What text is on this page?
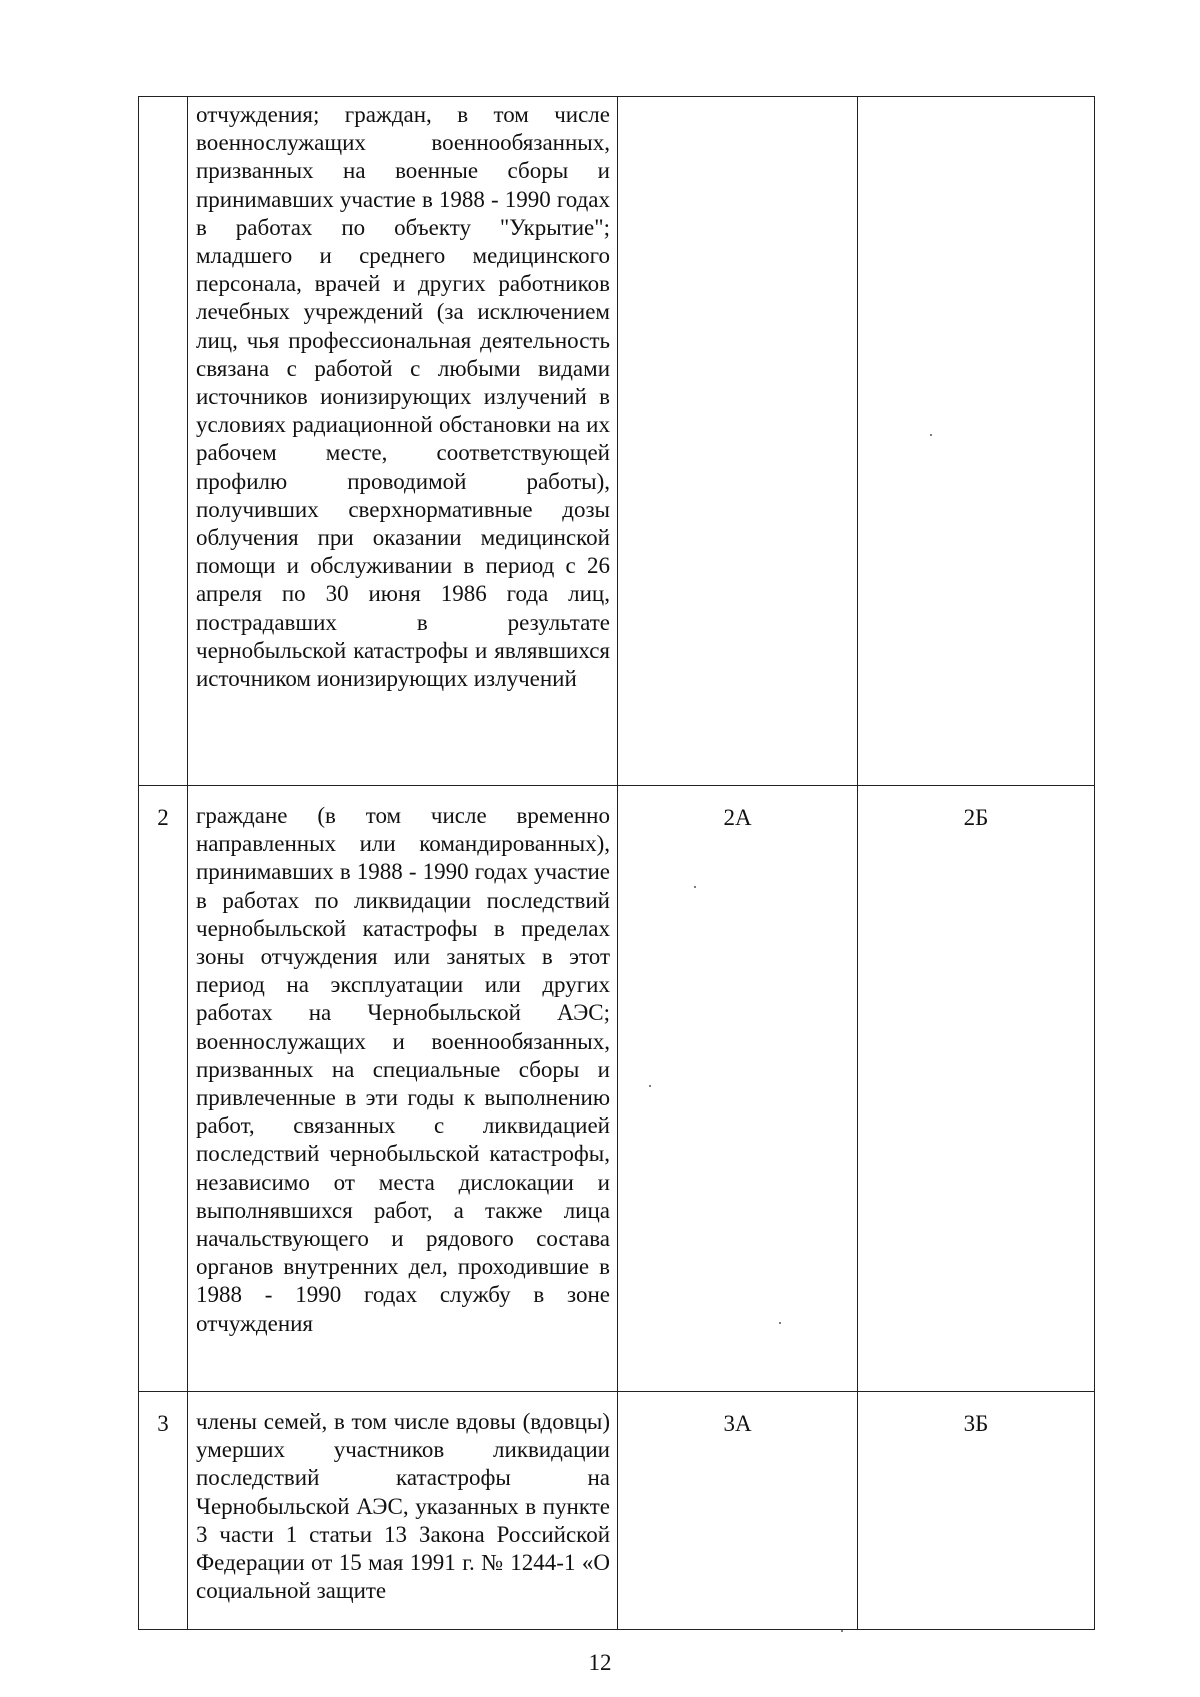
	отчуждения; граждан, в том числе военнослужащих военнообязанных, призванных на военные сборы и принимавших участие в 1988 - 1990 годах в работах по объекту "Укрытие"; младшего и среднего медицинского персонала, врачей и других работников лечебных учреждений (за исключением лиц, чья профессиональная деятельность связана с работой с любыми видами источников ионизирующих излучений в условиях радиационной обстановки на их рабочем месте, соответствующей профилю проводимой работы), получивших сверхнормативные дозы облучения при оказании медицинской помощи и обслуживании в период с 26 апреля по 30 июня 1986 года лиц, пострадавших в результате чернобыльской катастрофы и являвшихся источником ионизирующих излучений		

2	граждане (в том числе временно направленных или командированных), принимавших в 1988 - 1990 годах участие в работах по ликвидации последствий чернобыльской катастрофы в пределах зоны отчуждения или занятых в этот период на эксплуатации или других работах на Чернобыльской АЭС; военнослужащих и военнообязанных, призванных на специальные сборы и привлеченные в эти годы к выполнению работ, связанных с ликвидацией последствий чернобыльской катастрофы, независимо от места дислокации и выполнявшихся работ, а также лица начальствующего и рядового состава органов внутренних дел, проходившие в 1988 - 1990 годах службу в зоне отчуждения	2А	2Б
3	члены семей, в том числе вдовы (вдовцы) умерших участников ликвидации последствий катастрофы на Чернобыльской АЭС, указанных в пункте 3 части 1 статьи 13 Закона Российской Федерации от 15 мая 1991 г. № 1244-1 «О социальной защите	3А	3Б
12
